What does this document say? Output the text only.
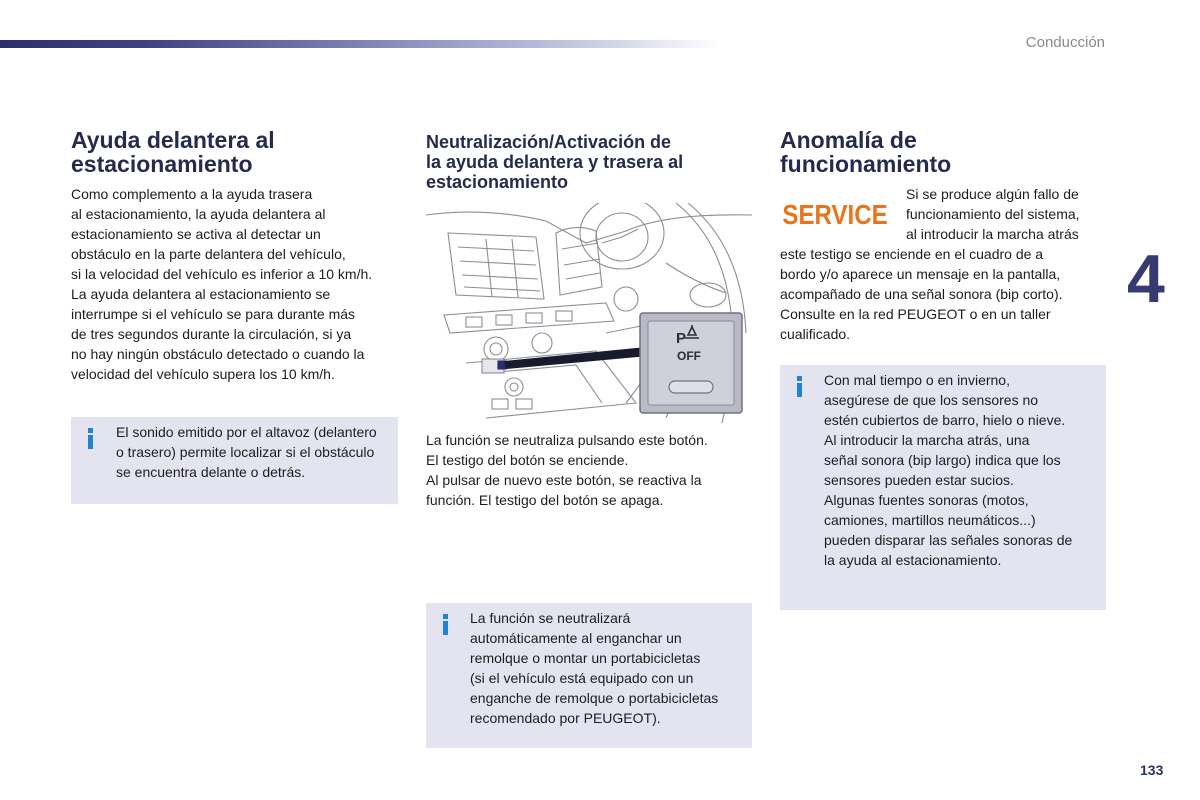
Conducción
4
133
Ayuda delantera al
estacionamiento
Como complemento a la ayuda trasera
al estacionamiento, la ayuda delantera al
estacionamiento se activa al detectar un
obstáculo en la parte delantera del vehículo,
si la velocidad del vehículo es inferior a 10 km/h.
La ayuda delantera al estacionamiento se
interrumpe si el vehículo se para durante más
de tres segundos durante la circulación, si ya
no hay ningún obstáculo detectado o cuando la
velocidad del vehículo supera los 10 km/h.
El sonido emitido por el altavoz (delantero
o trasero) permite localizar si el obstáculo
se encuentra delante o detrás.
Neutralización/Activación de
la ayuda delantera y trasera al
estacionamiento
P
OFF
La función se neutraliza pulsando este botón.
El testigo del botón se enciende.
Al pulsar de nuevo este botón, se reactiva la
función. El testigo del botón se apaga.
La función se neutralizará
automáticamente al enganchar un
remolque o montar un portabicicletas
(si el vehículo está equipado con un
enganche de remolque o portabicicletas
recomendado por PEUGEOT).
Anomalía de
funcionamiento
SERVICE
Si se produce algún fallo de
funcionamiento del sistema,
al introducir la marcha atrás
este testigo se enciende en el cuadro de a
bordo y/o aparece un mensaje en la pantalla,
acompañado de una señal sonora (bip corto).
Consulte en la red PEUGEOT o en un taller
cualificado.
Con mal tiempo o en invierno,
asegúrese de que los sensores no
estén cubiertos de barro, hielo o nieve.
Al introducir la marcha atrás, una
señal sonora (bip largo) indica que los
sensores pueden estar sucios.
Algunas fuentes sonoras (motos,
camiones, martillos neumáticos...)
pueden disparar las señales sonoras de
la ayuda al estacionamiento.
